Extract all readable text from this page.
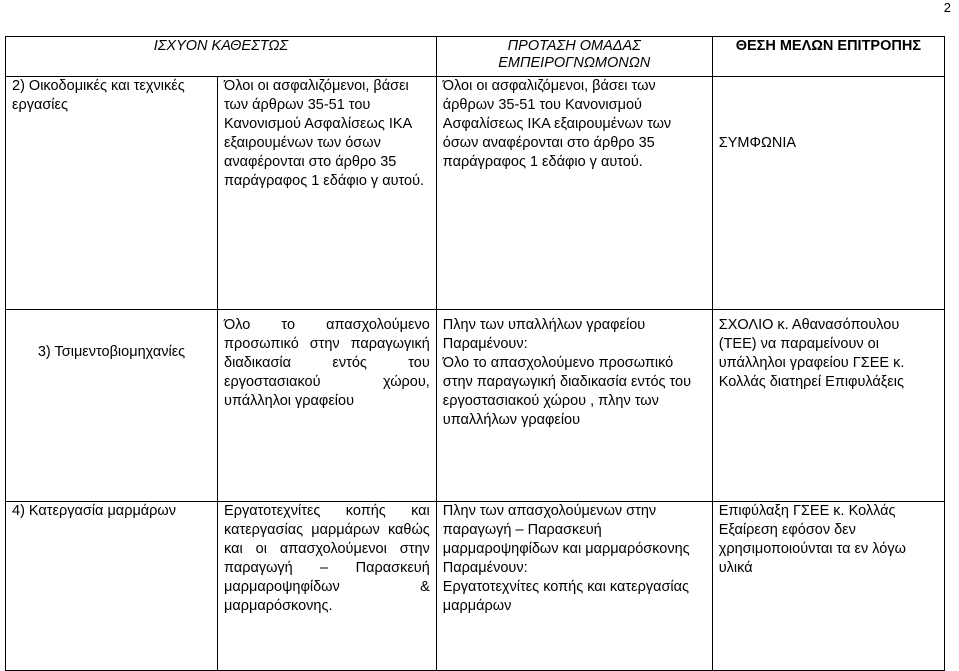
2
ΙΣΧΥΟΝ ΚΑΘΕΣΤΩΣ		ΠΡΟΤΑΣΗ ΟΜΑΔΑΣ ΕΜΠΕΙΡΟΓΝΩΜΟΝΩΝ	ΘΕΣΗ ΜΕΛΩΝ ΕΠΙΤΡΟΠΗΣ

2) Οικοδομικές και τεχνικές εργασίες	Όλοι οι ασφαλιζόμενοι, βάσει των άρθρων 35-51 του Κανονισμού Ασφαλίσεως ΙΚΑ εξαιρουμένων των όσων αναφέρονται στο άρθρο 35 παράγραφος 1 εδάφιο γ αυτού.	Όλοι οι ασφαλιζόμενοι, βάσει των άρθρων 35-51 του Κανονισμού Ασφαλίσεως ΙΚΑ εξαιρουμένων των όσων αναφέρονται στο άρθρο 35 παράγραφος 1 εδάφιο γ αυτού.	ΣΥΜΦΩΝΙΑ

3) Τσιμεντοβιομηχανίες	Όλο το απασχολούμενο προσωπικό στην παραγωγική διαδικασία εντός του εργοστασιακού χώρου, υπάλληλοι γραφείου	Πλην των υπαλλήλων γραφείου
Παραμένουν:
Όλο το απασχολούμενο προσωπικό στην παραγωγική διαδικασία εντός του εργοστασιακού χώρου , πλην των υπαλλήλων γραφείου	ΣΧΟΛΙΟ κ. Αθανασόπουλου (ΤΕΕ) να παραμείνουν οι υπάλληλοι γραφείου ΓΣΕΕ κ. Κολλάς διατηρεί Επιφυλάξεις

4) Κατεργασία μαρμάρων	Εργατοτεχνίτες κοπής και κατεργασίας μαρμάρων καθώς και οι απασχολούμενοι στην παραγωγή – Παρασκευή μαρμαροψηφίδων & μαρμαρόσκονης.	Πλην των απασχολούμενων στην παραγωγή – Παρασκευή μαρμαροψηφίδων και μαρμαρόσκονης
Παραμένουν:
Εργατοτεχνίτες κοπής και κατεργασίας μαρμάρων	Επιφύλαξη ΓΣΕΕ κ. Κολλάς
Εξαίρεση εφόσον δεν χρησιμοποιούνται τα εν λόγω υλικά
